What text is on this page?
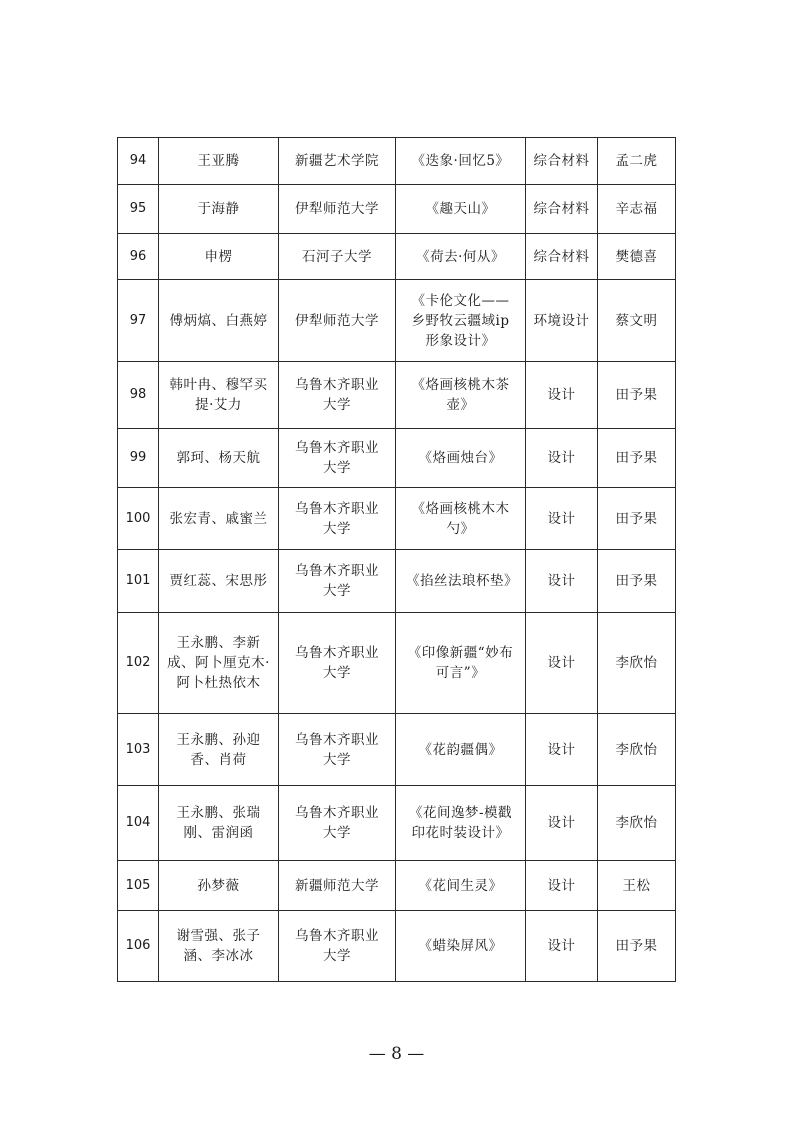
94	王亚腾	新疆艺术学院	《迭象·回忆5》	综合材料	孟二虎
95	于海静	伊犁师范大学	《趣天山》	综合材料	辛志福
96	申楞	石河子大学	《荷去·何从》	综合材料	樊德喜
97	傅炳熇、白燕婷	伊犁师范大学	《卡伦文化——乡野牧云疆域ip形象设计》	环境设计	蔡文明
98	韩叶冉、穆罕买提·艾力	乌鲁木齐职业大学	《烙画核桃木茶壶》	设计	田予果
99	郭珂、杨天航	乌鲁木齐职业大学	《烙画烛台》	设计	田予果
100	张宏青、戚蜜兰	乌鲁木齐职业大学	《烙画核桃木木勺》	设计	田予果
101	贾红蕊、宋思彤	乌鲁木齐职业大学	《掐丝法琅杯垫》	设计	田予果
102	王永鹏、李新成、阿卜厘克木·阿卜杜热依木	乌鲁木齐职业大学	《印像新疆“妙布可言”》	设计	李欣怡
103	王永鹏、孙迎香、肖荷	乌鲁木齐职业大学	《花韵疆偶》	设计	李欣怡
104	王永鹏、张瑞刚、雷润函	乌鲁木齐职业大学	《花间逸梦-模戳印花时装设计》	设计	李欣怡
105	孙梦薇	新疆师范大学	《花间生灵》	设计	王松
106	谢雪强、张子涵、李冰冰	乌鲁木齐职业大学	《蜡染屏风》	设计	田予果
— 8 —
